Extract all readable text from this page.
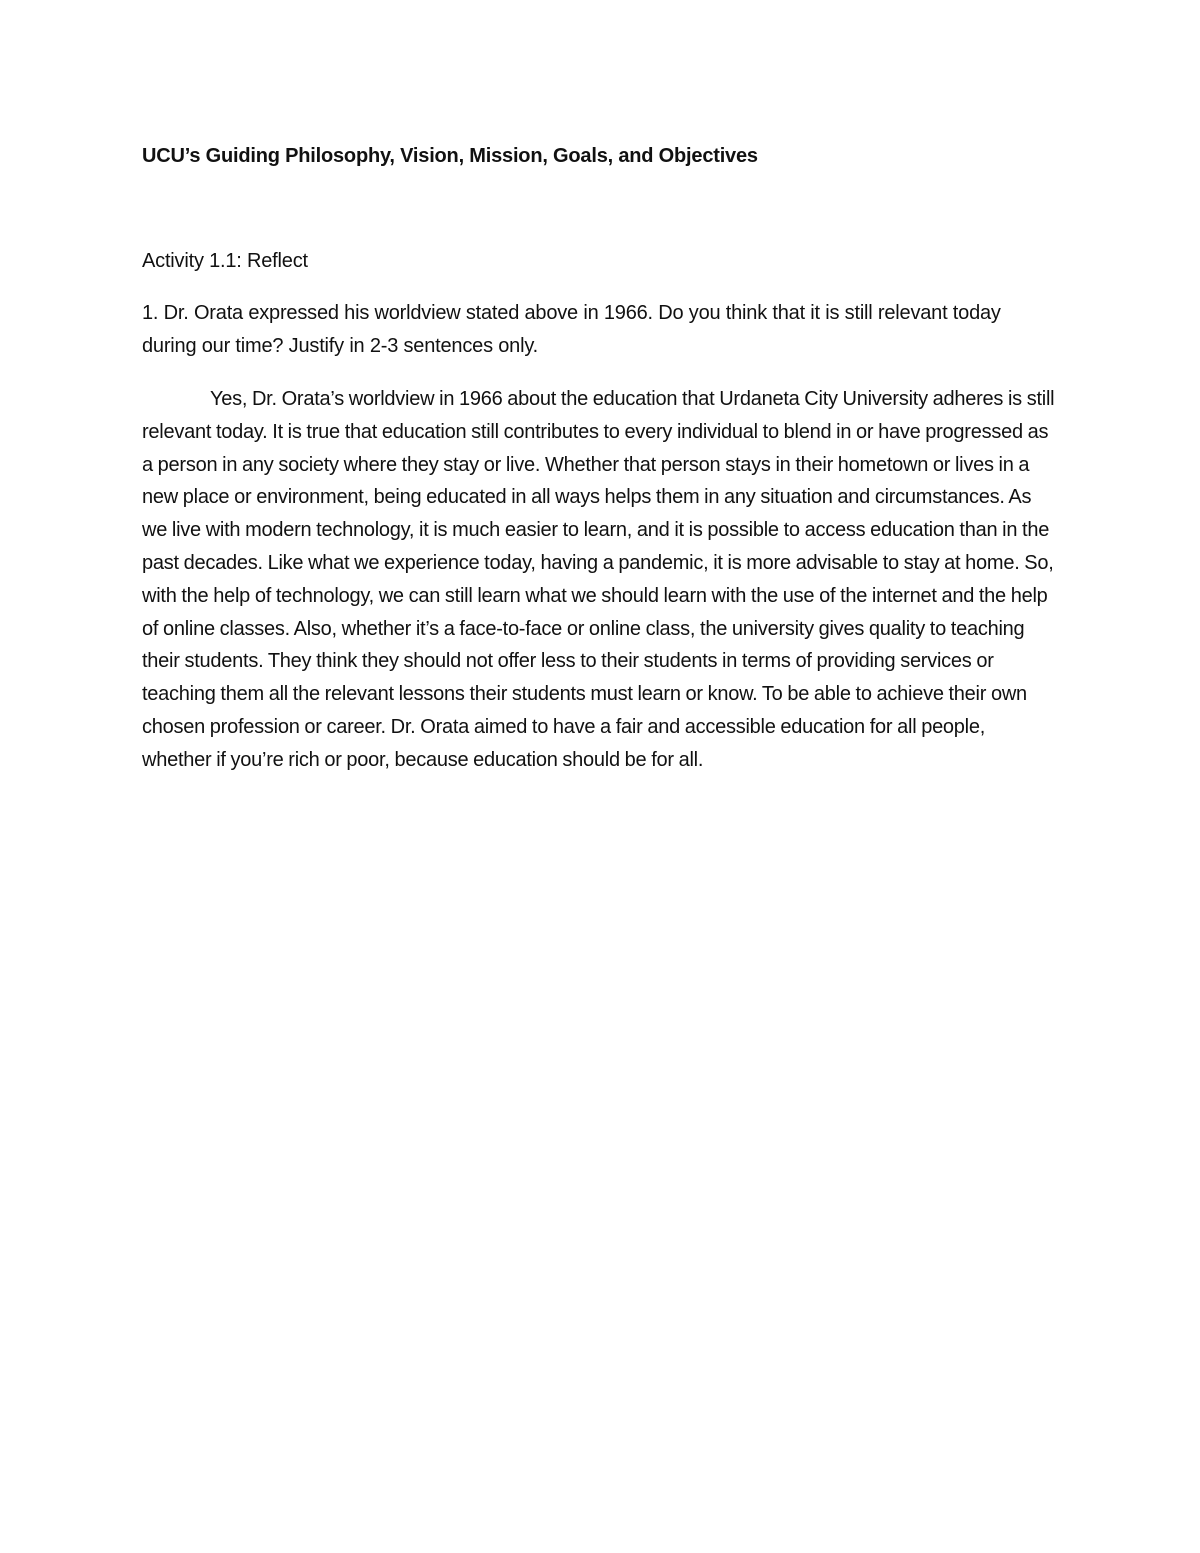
UCU’s Guiding Philosophy, Vision, Mission, Goals, and Objectives
Activity 1.1: Reflect

1. Dr. Orata expressed his worldview stated above in 1966. Do you think that it is still relevant today during our time? Justify in 2-3 sentences only.

Yes, Dr. Orata’s worldview in 1966 about the education that Urdaneta City University adheres is still relevant today. It is true that education still contributes to every individual to blend in or have progressed as a person in any society where they stay or live. Whether that person stays in their hometown or lives in a new place or environment, being educated in all ways helps them in any situation and circumstances. As we live with modern technology, it is much easier to learn, and it is possible to access education than in the past decades. Like what we experience today, having a pandemic, it is more advisable to stay at home. So, with the help of technology, we can still learn what we should learn with the use of the internet and the help of online classes. Also, whether it’s a face-to-face or online class, the university gives quality to teaching their students. They think they should not offer less to their students in terms of providing services or teaching them all the relevant lessons their students must learn or know. To be able to achieve their own chosen profession or career. Dr. Orata aimed to have a fair and accessible education for all people, whether if you’re rich or poor, because education should be for all.
